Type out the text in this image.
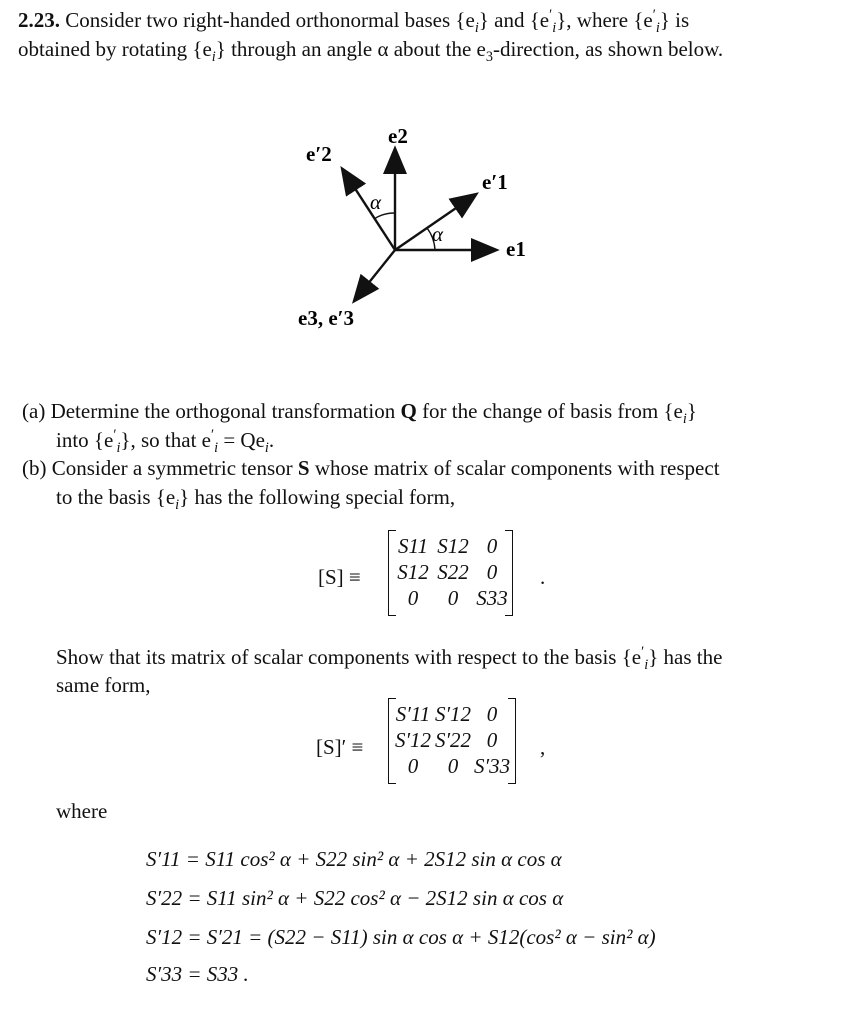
2.23. Consider two right-handed orthonormal bases $\{e_i\}$ and $\{e'_i\}$, where $\{e'_i\}$ is
obtained by rotating $\{e_i\}$ through an angle α about the $e_3$-direction, as shown below.
e2
e′2
e′1
e1
e3, e′3
α
α
(a) Determine the orthogonal transformation Q for the change of basis from $\{e_i\}$
into $\{e'_i\}$, so that $e'_i = Qe_i$.
(b) Consider a symmetric tensor S whose matrix of scalar components with respect
to the basis $\{e_i\}$ has the following special form,
[S] ≡
S11 S12 0
S12 S22 0
0	0 S33
.
Show that its matrix of scalar components with respect to the basis $\{e'_i\}$ has the
same form,
[S]′ ≡
S′11 S′12 0
S′12 S′22 0
0	0 S′33
,
where
S′11 = S11 cos² α + S22 sin² α + 2S12 sin α cos α
S′22 = S11 sin² α + S22 cos² α − 2S12 sin α cos α
S′12 = S′21 = (S22 − S11) sin α cos α + S12(cos² α − sin² α)
S′33 = S33 .
